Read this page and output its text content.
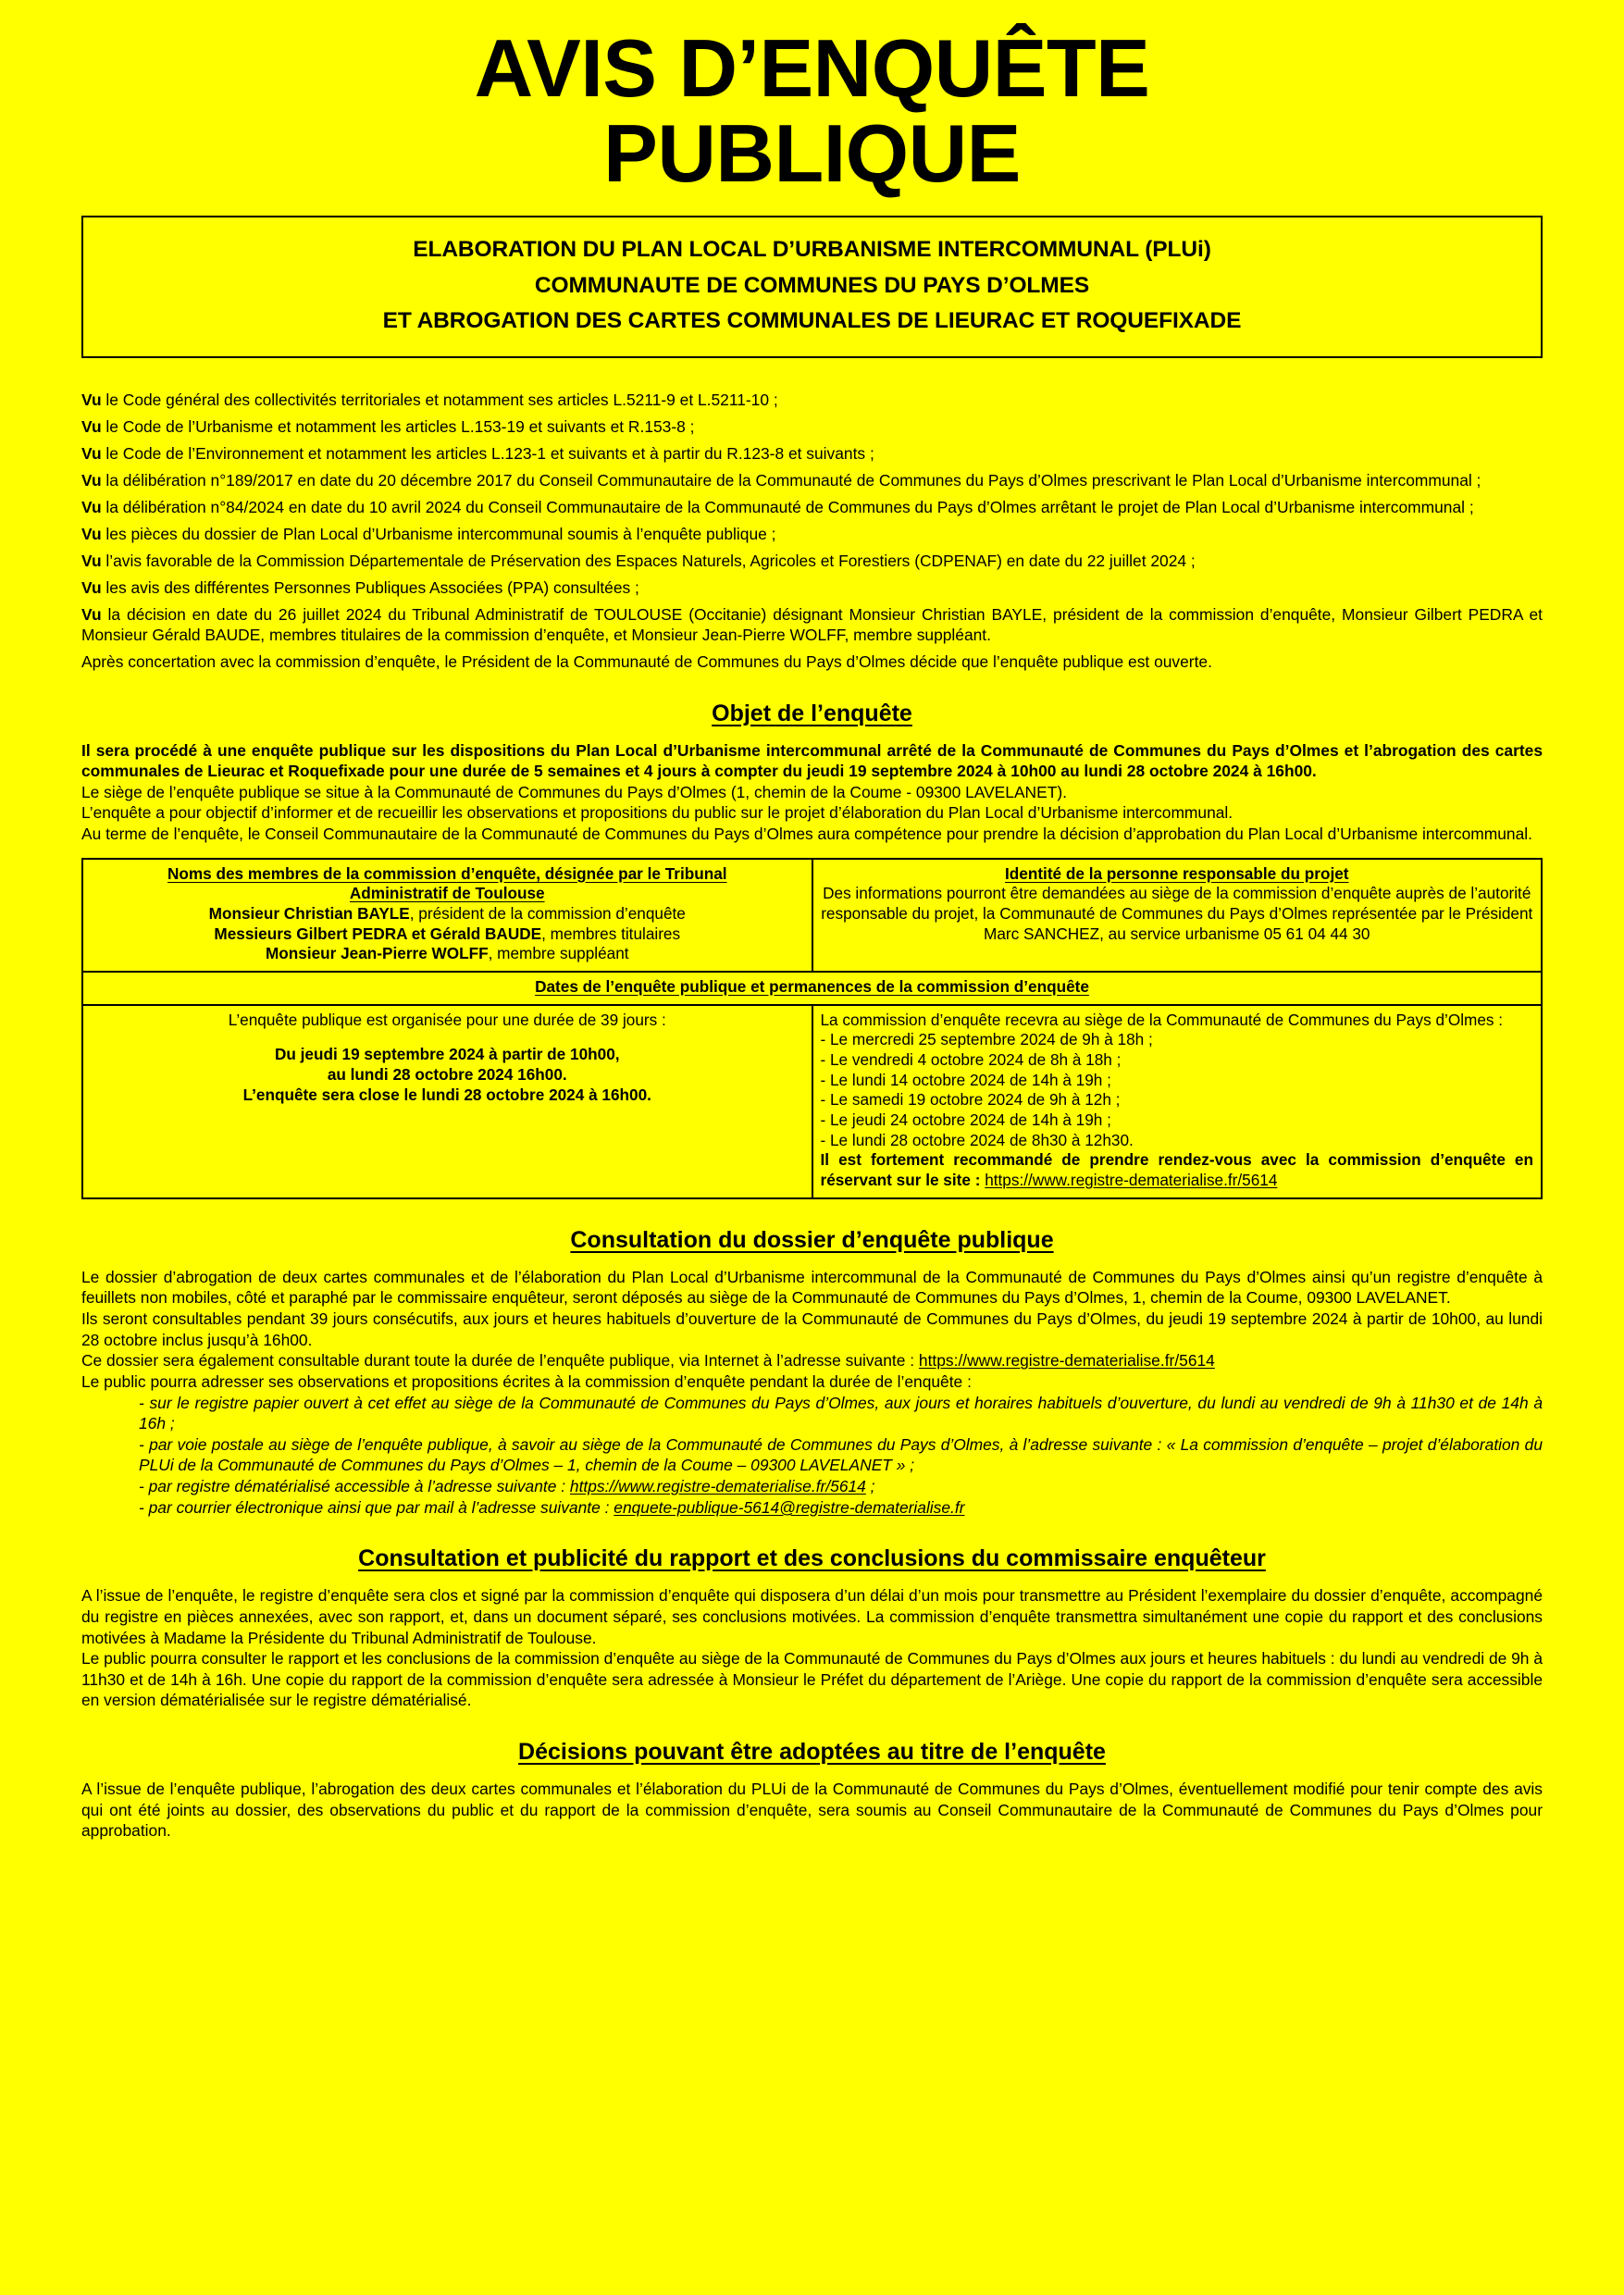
AVIS D’ENQUÊTE
PUBLIQUE
ELABORATION DU PLAN LOCAL D’URBANISME INTERCOMMUNAL (PLUi)
COMMUNAUTE DE COMMUNES DU PAYS D’OLMES
ET ABROGATION DES CARTES COMMUNALES DE LIEURAC ET ROQUEFIXADE

Vu le Code général des collectivités territoriales et notamment ses articles L.5211-9 et L.5211-10 ;

Vu le Code de l’Urbanisme et notamment les articles L.153-19 et suivants et R.153-8 ;

Vu le Code de l’Environnement et notamment les articles L.123-1 et suivants et à partir du R.123-8 et suivants ;

Vu la délibération n°189/2017 en date du 20 décembre 2017 du Conseil Communautaire de la Communauté de Communes du Pays d’Olmes prescrivant le Plan Local d’Urbanisme intercommunal ;

Vu la délibération n°84/2024 en date du 10 avril 2024 du Conseil Communautaire de la Communauté de Communes du Pays d’Olmes arrêtant le projet de Plan Local d’Urbanisme intercommunal ;

Vu les pièces du dossier de Plan Local d’Urbanisme intercommunal soumis à l’enquête publique ;

Vu l’avis favorable de la Commission Départementale de Préservation des Espaces Naturels, Agricoles et Forestiers (CDPENAF) en date du 22 juillet 2024 ;

Vu les avis des différentes Personnes Publiques Associées (PPA) consultées ;

Vu la décision en date du 26 juillet 2024 du Tribunal Administratif de TOULOUSE (Occitanie) désignant Monsieur Christian BAYLE, président de la commission d’enquête, Monsieur Gilbert PEDRA et Monsieur Gérald BAUDE, membres titulaires de la commission d’enquête, et Monsieur Jean-Pierre WOLFF, membre suppléant.

Après concertation avec la commission d’enquête, le Président de la Communauté de Communes du Pays d’Olmes décide que l’enquête publique est ouverte.

Objet de l’enquête

Il sera procédé à une enquête publique sur les dispositions du Plan Local d’Urbanisme intercommunal arrêté de la Communauté de Communes du Pays d’Olmes et l’abrogation des cartes communales de Lieurac et Roquefixade pour une durée de 5 semaines et 4 jours à compter du jeudi 19 septembre 2024 à 10h00 au lundi 28 octobre 2024 à 16h00.

Le siège de l’enquête publique se situe à la Communauté de Communes du Pays d’Olmes (1, chemin de la Coume - 09300 LAVELANET).

L’enquête a pour objectif d’informer et de recueillir les observations et propositions du public sur le projet d’élaboration du Plan Local d’Urbanisme intercommunal.

Au terme de l’enquête, le Conseil Communautaire de la Communauté de Communes du Pays d’Olmes aura compétence pour prendre la décision d’approbation du Plan Local d’Urbanisme intercommunal.

Noms des membres de la commission d’enquête, désignée par le Tribunal
Administratif de Toulouse
Monsieur Christian BAYLE, président de la commission d’enquête
Messieurs Gilbert PEDRA et Gérald BAUDE, membres titulaires
Monsieur Jean-Pierre WOLFF, membre suppléant

Identité de la personne responsable du projet
Des informations pourront être demandées au siège de la commission d’enquête auprès de l’autorité responsable du projet, la Communauté de Communes du Pays d’Olmes représentée par le Président Marc SANCHEZ, au service urbanisme 05 61 04 44 30
Dates de l’enquête publique et permanences de la commission d’enquête	

L’enquête publique est organisée pour une durée de 39 jours :
Du jeudi 19 septembre 2024 à partir de 10h00,
au lundi 28 octobre 2024 16h00.
L’enquête sera close le lundi 28 octobre 2024 à 16h00.

La commission d’enquête recevra au siège de la Communauté de Communes du Pays d’Olmes :
- Le mercredi 25 septembre 2024 de 9h à 18h ;
- Le vendredi 4 octobre 2024 de 8h à 18h ;
- Le lundi 14 octobre 2024 de 14h à 19h ;
- Le samedi 19 octobre 2024 de 9h à 12h ;
- Le jeudi 24 octobre 2024 de 14h à 19h ;
- Le lundi 28 octobre 2024 de 8h30 à 12h30.
Il est fortement recommandé de prendre rendez-vous avec la commission d’enquête en réservant sur le site : https://www.registre-dematerialise.fr/5614
Consultation du dossier d’enquête publique

Le dossier d’abrogation de deux cartes communales et de l’élaboration du Plan Local d’Urbanisme intercommunal de la Communauté de Communes du Pays d’Olmes ainsi qu’un registre d’enquête à feuillets non mobiles, côté et paraphé par le commissaire enquêteur, seront déposés au siège de la Communauté de Communes du Pays d’Olmes, 1, chemin de la Coume, 09300 LAVELANET.

Ils seront consultables pendant 39 jours consécutifs, aux jours et heures habituels d’ouverture de la Communauté de Communes du Pays d’Olmes, du jeudi 19 septembre 2024 à partir de 10h00, au lundi 28 octobre inclus jusqu’à 16h00.

Ce dossier sera également consultable durant toute la durée de l’enquête publique, via Internet à l’adresse suivante : https://www.registre-dematerialise.fr/5614

Le public pourra adresser ses observations et propositions écrites à la commission d’enquête pendant la durée de l’enquête :

- sur le registre papier ouvert à cet effet au siège de la Communauté de Communes du Pays d’Olmes, aux jours et horaires habituels d’ouverture, du lundi au vendredi de 9h à 11h30 et de 14h à 16h ;

- par voie postale au siège de l’enquête publique, à savoir au siège de la Communauté de Communes du Pays d’Olmes, à l’adresse suivante : « La commission d’enquête – projet d’élaboration du PLUi de la Communauté de Communes du Pays d’Olmes – 1, chemin de la Coume – 09300 LAVELANET » ;

- par registre dématérialisé accessible à l’adresse suivante : https://www.registre-dematerialise.fr/5614 ;

- par courrier électronique ainsi que par mail à l’adresse suivante : enquete-publique-5614@registre-dematerialise.fr

Consultation et publicité du rapport et des conclusions du commissaire enquêteur

A l’issue de l’enquête, le registre d’enquête sera clos et signé par la commission d’enquête qui disposera d’un délai d’un mois pour transmettre au Président l’exemplaire du dossier d’enquête, accompagné du registre en pièces annexées, avec son rapport, et, dans un document séparé, ses conclusions motivées. La commission d’enquête transmettra simultanément une copie du rapport et des conclusions motivées à Madame la Présidente du Tribunal Administratif de Toulouse.

Le public pourra consulter le rapport et les conclusions de la commission d’enquête au siège de la Communauté de Communes du Pays d’Olmes aux jours et heures habituels : du lundi au vendredi de 9h à 11h30 et de 14h à 16h. Une copie du rapport de la commission d’enquête sera adressée à Monsieur le Préfet du département de l’Ariège. Une copie du rapport de la commission d’enquête sera accessible en version dématérialisée sur le registre dématérialisé.

Décisions pouvant être adoptées au titre de l’enquête

A l’issue de l’enquête publique, l’abrogation des deux cartes communales et l’élaboration du PLUi de la Communauté de Communes du Pays d’Olmes, éventuellement modifié pour tenir compte des avis qui ont été joints au dossier, des observations du public et du rapport de la commission d’enquête, sera soumis au Conseil Communautaire de la Communauté de Communes du Pays d’Olmes pour approbation.
